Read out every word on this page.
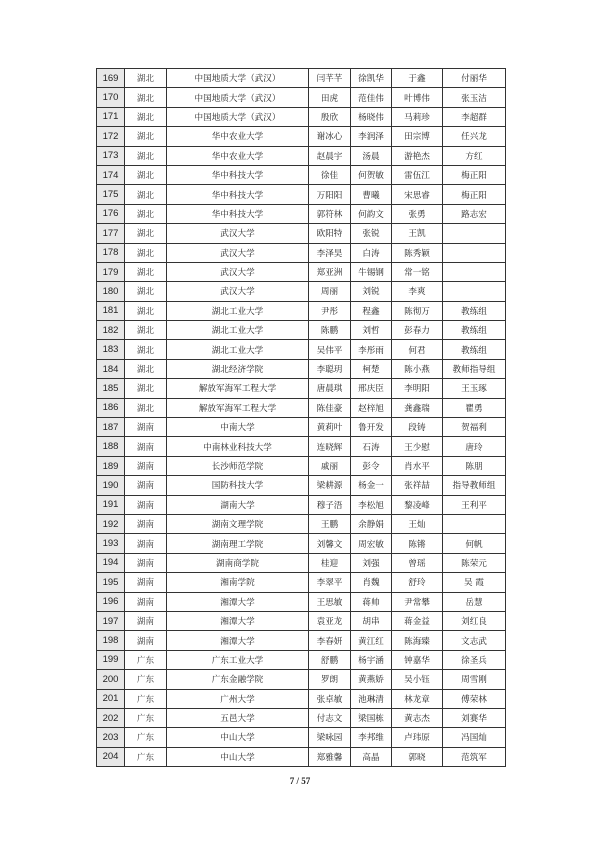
169	湖北	中国地质大学（武汉）	闫芊芊	徐凯华	于鑫	付丽华
170	湖北	中国地质大学（武汉）	田虎	范佳伟	叶博伟	张玉洁
171	湖北	中国地质大学（武汉）	殷欣	杨晓伟	马莉珍	李超群
172	湖北	华中农业大学	谢冰心	李润泽	田宗博	任兴龙
173	湖北	华中农业大学	赵晨宇	汤晨	游艳杰	方红
174	湖北	华中科技大学	徐佳	何贺敏	雷伍江	梅正阳
175	湖北	华中科技大学	万阳阳	曹曦	宋思睿	梅正阳
176	湖北	华中科技大学	郭符林	何韵文	张勇	路志宏
177	湖北	武汉大学	欧阳特	张锐	王凯	
178	湖北	武汉大学	李泽昊	白涛	陈秀颖	
179	湖北	武汉大学	郑亚洲	牛锡钢	常一铭	
180	湖北	武汉大学	周丽	刘锐	李爽	
181	湖北	湖北工业大学	尹彤	程鑫	陈彻万	教练组
182	湖北	湖北工业大学	陈鹏	刘哲	彭春力	教练组
183	湖北	湖北工业大学	吴伟平	李彤雨	何君	教练组
184	湖北	湖北经济学院	李聪玥	柯楚	陈小燕	教师指导组
185	湖北	解放军海军工程大学	唐晨琪	邢庆臣	李明阳	王玉琢
186	湖北	解放军海军工程大学	陈佳豪	赵梓旭	龚鑫瑞	瞿勇
187	湖南	中南大学	黄莉叶	鲁开发	段铸	贺福利
188	湖南	中南林业科技大学	连晓辉	石涛	王少慰	唐玲
189	湖南	长沙师范学院	戚丽	彭令	肖水平	陈朋
190	湖南	国防科技大学	梁耕源	杨金一	张祥喆	指导教师组
191	湖南	湖南大学	穆子浯	李松旭	黎凌峰	王利平
192	湖南	湖南文理学院	王鹏	余静娟	王灿	
193	湖南	湖南理工学院	刘馨文	周宏敏	陈锵	何帆
194	湖南	湖南商学院	桂迎	刘强	曾瑶	陈荣元
195	湖南	湘南学院	李翠平	肖魏	舒玲	吴 霞
196	湖南	湘潭大学	王思敏	蒋帅	尹常攀	岳慧
197	湖南	湘潭大学	袁亚龙	胡串	蒋金益	刘红良
198	湖南	湘潭大学	李春妍	黄江红	陈海臻	文志武
199	广东	广东工业大学	舒鹏	杨宇涵	钟嘉华	徐圣兵
200	广东	广东金融学院	罗朗	黄燕娇	吴小钰	周雪刚
201	广东	广州大学	张卓敏	池琳清	林龙章	傅荣林
202	广东	五邑大学	付志文	梁国栋	黄志杰	刘赛华
203	广东	中山大学	梁咏园	李邦维	卢玮原	冯国灿
204	广东	中山大学	郑雅馨	高晶	郭晓	范筑军
7 / 57
